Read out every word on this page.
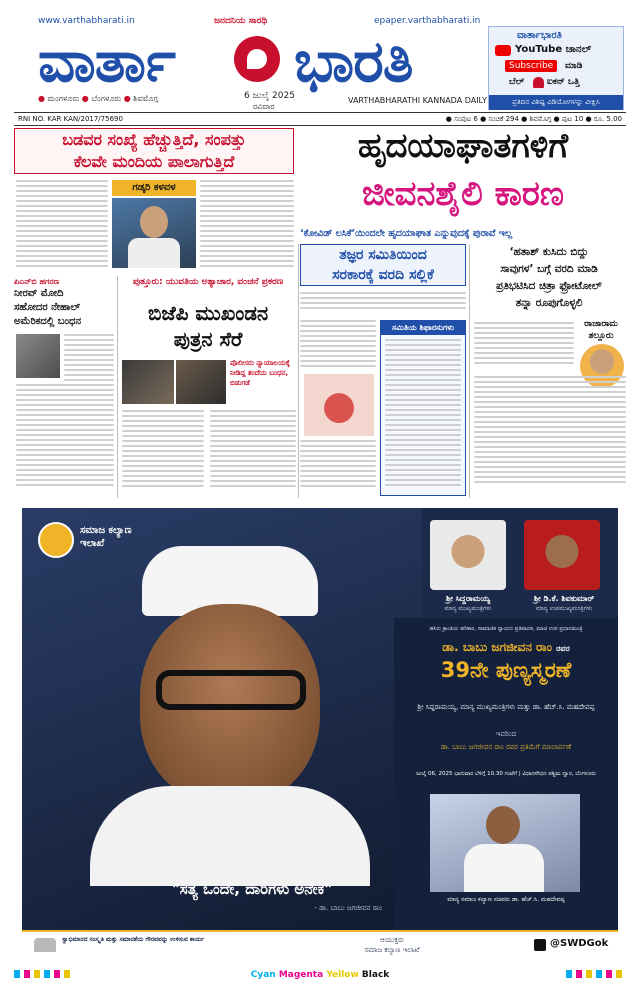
www.varthabharati.in	ಜನದನಿಯ ಸಾರಥಿ	epaper.varthabharati.in
ವಾರ್ತಾ ಭಾರತಿ
● ಮಂಗಳೂರು ● ಬೆಂಗಳೂರು ● ಶಿವಮೊಗ್ಗ	6 ಜುಲೈ 2025
ರವಿವಾರ
VARTHABHARATHI KANNADA DAILY
ವಾರ್ತಾಭಾರತಿ
YouTube ಚಾನಲ್
Subscribe	ಮಾಡಿ
ಬೆಲ್	ಐಕನ್ ಒತ್ತಿ
ಪ್ರತಿದಿನ ವಿಶಿಷ್ಟ ವಿಡಿಯೋಗಳನ್ನು ವೀಕ್ಷಿಸಿ
RNI NO. KAR KAN/2017/75690	● ಸಂಪುಟ 6 ● ಸಂಚಿಕೆ 294 ● ಶಿವಮೊಗ್ಗ ● ಪುಟ 10 ● ರೂ. 5.00
ಬಡವರ ಸಂಖ್ಯೆ ಹೆಚ್ಚುತ್ತಿದೆ, ಸಂಪತ್ತು
ಕೆಲವೇ ಮಂದಿಯ ಪಾಲಾಗುತ್ತಿದೆ
ಗಡ್ಕರಿ ಕಳವಳ
ಹೃದಯಾಘಾತಗಳಿಗೆ
ಜೀವನಶೈಲಿ ಕಾರಣ
‘ಕೋವಿಡ್ ಲಸಿಕೆ’ಯಿಂದಲೇ ಹೃದಯಾಘಾತ ಎನ್ನುವುದಕ್ಕೆ ಪುರಾವೆ ಇಲ್ಲ
ತಜ್ಞರ ಸಮಿತಿಯಿಂದ
ಸರಕಾರಕ್ಕೆ ವರದಿ ಸಲ್ಲಿಕೆ
ಸಮಿತಿಯ ಶಿಫಾರಸುಗಳು
‘ಹತಾಶ್ ಕುಸಿದು ಬಿದ್ದು
ಸಾವುಗಳ’ ಬಗ್ಗೆ ವರದಿ ಮಾಡಿ
ಪ್ರತಿಭಟಿಸಿದ ಚಿತ್ರಾ ಫ್ರೋಟೋಲ್
ತನ್ನಾ ರೂಪುಗೊಳ್ಳಲಿ
ರಾಜಾರಾಮ ತಲ್ಲೂರು
ಪಿಎನ್‌ಬಿ ಹಗರಣ
ನೀರವ್ ಮೋದಿ
ಸಹೋದರ ನೇಹಾಲ್
ಅಮೆರಿಕದಲ್ಲಿ ಬಂಧನ
ಪುತ್ತೂರು: ಯುವತಿಯ ಅತ್ಯಾಚಾರ, ವಂಚನೆ ಪ್ರಕರಣ
ಬಿಜೆಪಿ ಮುಖಂಡನ
ಪುತ್ರನ ಸೆರೆ
ಪೊಲೀಸರು ನ್ಯಾಯಾಲಯಕ್ಕೆ ನೀಡಿದ್ದ ತಂದೆಯ ಬಂಧನ, ಬಿಡುಗಡೆ
ಸಮಾಜ ಕಲ್ಯಾಣ ಇಲಾಖೆ
ಶ್ರೀ ಸಿದ್ದರಾಮಯ್ಯ
ಮಾನ್ಯ ಮುಖ್ಯಮಂತ್ರಿಗಳು
ಶ್ರೀ ಡಿ.ಕೆ. ಶಿವಕುಮಾರ್
ಮಾನ್ಯ ಉಪಮುಖ್ಯಮಂತ್ರಿಗಳು
ಹಸಿರು ಕ್ರಾಂತಿಯ ಹರಿಕಾರ, ಸಾಮಾಜಿಕ ನ್ಯಾಯದ ಪ್ರತಿಪಾದಕ, ಮಾಜಿ ಉಪ ಪ್ರಧಾನಮಂತ್ರಿ
ಡಾ. ಬಾಬು ಜಗಜೀವನ ರಾಂ ರವರ
39ನೇ ಪುಣ್ಯಸ್ಮರಣೆ
ಶ್ರೀ ಸಿದ್ದರಾಮಯ್ಯ, ಮಾನ್ಯ ಮುಖ್ಯಮಂತ್ರಿಗಳು ಮತ್ತು ಡಾ. ಹೆಚ್.ಸಿ. ಮಹದೇವಪ್ಪ
ಇವರಿಂದ
ಡಾ. ಬಾಬು ಜಗಜೀವನ ರಾಂ ರವರ ಪ್ರತಿಮೆಗೆ ಮಾಲಾರ್ಪಣೆ
ಜುಲೈ 06, 2025 ಭಾನುವಾರ ಬೆಳಿಗ್ಗೆ 10.30 ಗಂಟೆಗೆ | ವಿಧಾನಸೌಧದ ಪಶ್ಚಿಮ ದ್ವಾರ, ಬೆಂಗಳೂರು
ಮಾನ್ಯ ಸಮಾಜ ಕಲ್ಯಾಣ ಸಚಿವರು ಡಾ. ಹೆಚ್.ಸಿ. ಮಹದೇವಪ್ಪ
"ಸತ್ಯ ಒಂದೇ, ದಾರಿಗಳು ಅನೇಕ"
- ಡಾ. ಬಾಬು ಜಗಜೀವನ ರಾಂ
ಸ್ವಾಭಿಮಾನದ ಸಂಸ್ಕೃತಿ ಮತ್ತು ಸಮಾನತೆಯ ಗೌರವವನ್ನು ಉಳಿಸುವ ಕಾರ್ಯ	ಆಯುಕ್ತರು
ಸಮಾಜ ಕಲ್ಯಾಣ ಇಲಾಖೆ
@SWDGok
Cyan Magenta Yellow Black
